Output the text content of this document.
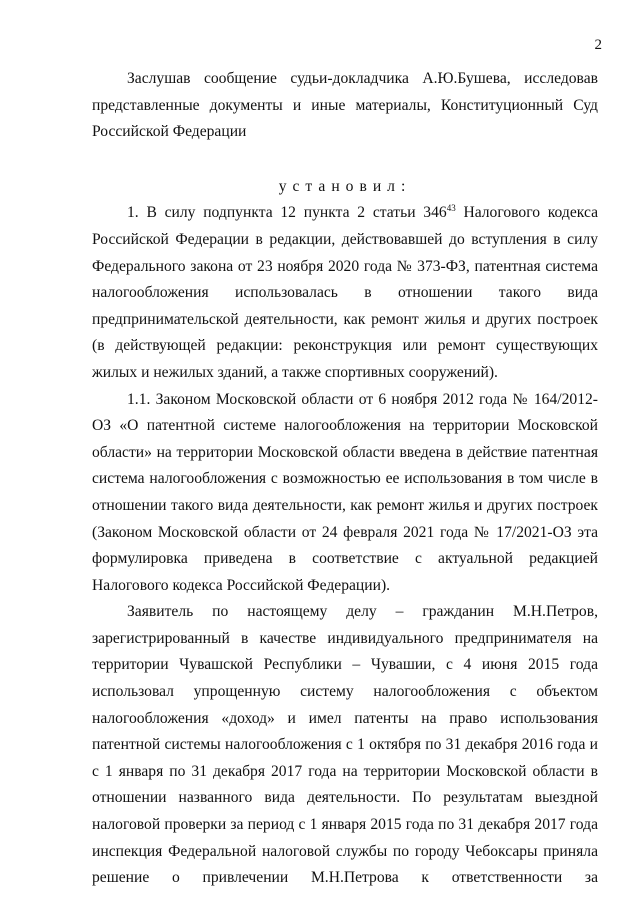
2

Заслушав сообщение судьи-докладчика А.Ю.Бушева, исследовав представленные документы и иные материалы, Конституционный Суд Российской Федерации

установил:

1. В силу подпункта 12 пункта 2 статьи $346^{43}$ Налогового кодекса Российской Федерации в редакции, действовавшей до вступления в силу Федерального закона от 23 ноября 2020 года № 373-ФЗ, патентная система налогообложения использовалась в отношении такого вида предпринимательской деятельности, как ремонт жилья и других построек (в действующей редакции: реконструкция или ремонт существующих жилых и нежилых зданий, а также спортивных сооружений).

1.1. Законом Московской области от 6 ноября 2012 года № 164/2012-ОЗ «О патентной системе налогообложения на территории Московской области» на территории Московской области введена в действие патентная система налогообложения с возможностью ее использования в том числе в отношении такого вида деятельности, как ремонт жилья и других построек (Законом Московской области от 24 февраля 2021 года № 17/2021-ОЗ эта формулировка приведена в соответствие с актуальной редакцией Налогового кодекса Российской Федерации).

Заявитель по настоящему делу – гражданин М.Н.Петров, зарегистрированный в качестве индивидуального предпринимателя на территории Чувашской Республики – Чувашии, с 4 июня 2015 года использовал упрощенную систему налогообложения с объектом налогообложения «доход» и имел патенты на право использования патентной системы налогообложения с 1 октября по 31 декабря 2016 года и с 1 января по 31 декабря 2017 года на территории Московской области в отношении названного вида деятельности. По результатам выездной налоговой проверки за период с 1 января 2015 года по 31 декабря 2017 года инспекция Федеральной налоговой службы по городу Чебоксары приняла решение о привлечении М.Н.Петрова к ответственности за
